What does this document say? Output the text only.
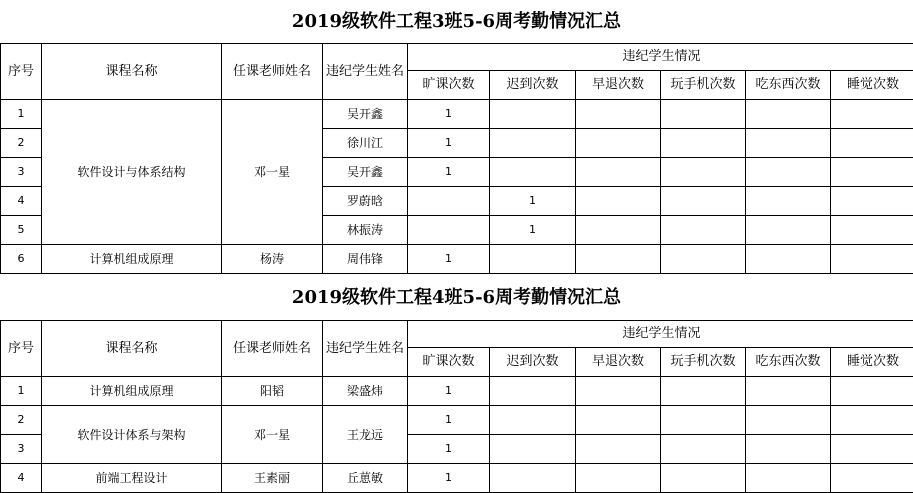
2019级软件工程3班5-6周考勤情况汇总
序号	课程名称	任课老师姓名	违纪学生姓名	违纪学生情况					
				旷课次数	迟到次数	早退次数	玩手机次数	吃东西次数	睡觉次数
1	软件设计与体系结构	邓一星	吴开鑫	1					
2			徐川江	1					
3			吴开鑫	1					
4			罗蔚晗		1				
5			林振涛		1				
6	计算机组成原理	杨涛	周伟锋	1					
2019级软件工程4班5-6周考勤情况汇总
序号	课程名称	任课老师姓名	违纪学生姓名	违纪学生情况					
				旷课次数	迟到次数	早退次数	玩手机次数	吃东西次数	睡觉次数
1	计算机组成原理	阳韬	梁盛炜	1					
2	软件设计体系与架构	邓一星	王龙远	1					
3				1					
4	前端工程设计	王素丽	丘葸敏	1					
